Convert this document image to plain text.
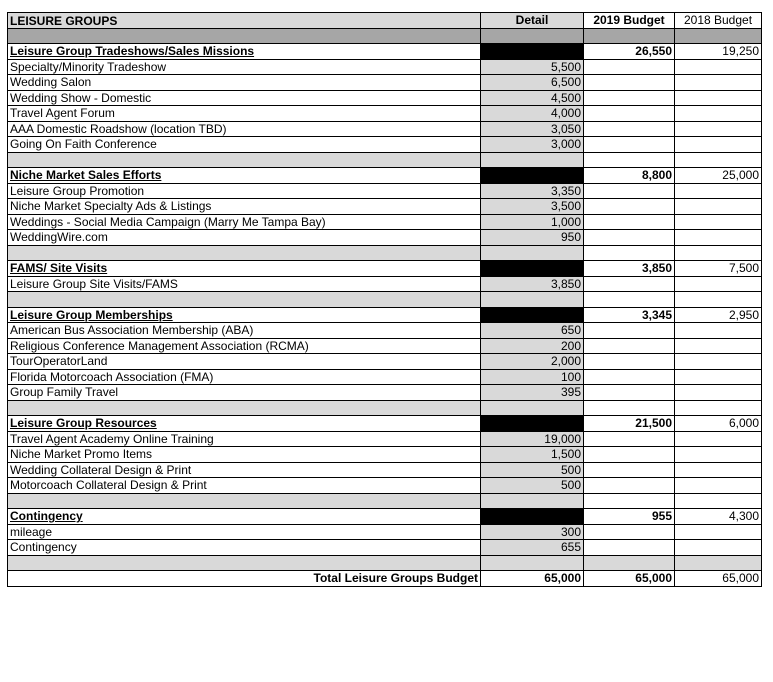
LEISURE GROUPS	Detail	2019 Budget	2018 Budget

Leisure Group Tradeshows/Sales Missions		26,550	19,250
Specialty/Minority Tradeshow	5,500		
Wedding Salon	6,500		
Wedding Show - Domestic	4,500		
Travel Agent Forum	4,000		
AAA Domestic Roadshow (location TBD)	3,050		
Going On Faith Conference	3,000		

Niche Market Sales Efforts		8,800	25,000
Leisure Group Promotion	3,350		
Niche Market Specialty Ads & Listings	3,500		
Weddings - Social Media Campaign (Marry Me Tampa Bay)	1,000		
WeddingWire.com	950		

FAMS/ Site Visits		3,850	7,500
Leisure Group Site Visits/FAMS	3,850		

Leisure Group Memberships		3,345	2,950
American Bus Association Membership (ABA)	650		
Religious Conference Management Association (RCMA)	200		
TourOperatorLand	2,000		
Florida Motorcoach Association (FMA)	100		
Group Family Travel	395		

Leisure Group Resources		21,500	6,000
Travel Agent Academy Online Training	19,000		
Niche Market Promo Items	1,500		
Wedding Collateral Design & Print	500		
Motorcoach Collateral Design & Print	500		

Contingency		955	4,300
mileage	300		
Contingency	655		

Total Leisure Groups Budget	65,000	65,000	65,000
